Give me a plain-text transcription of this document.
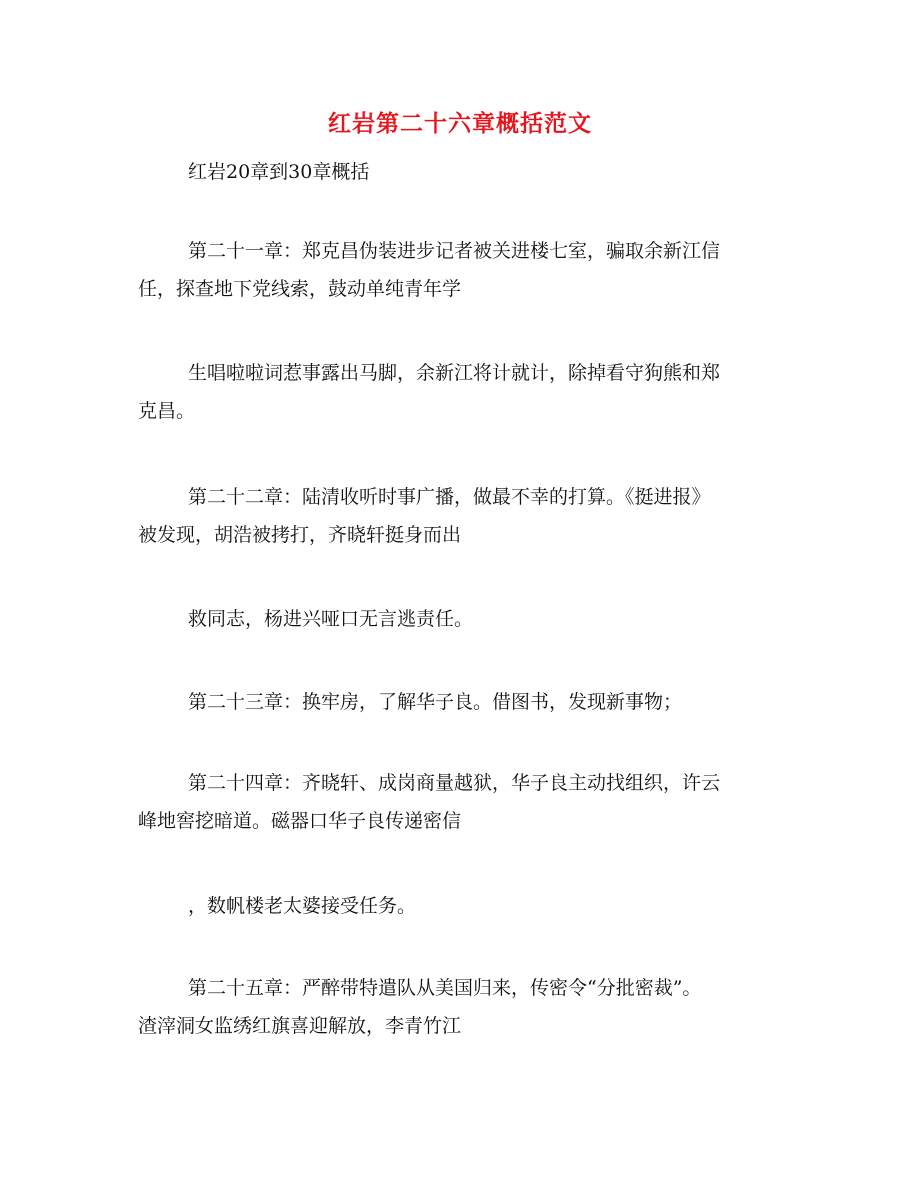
红岩第二十六章概括范文

红岩20章到30章概括

第二十一章：郑克昌伪装进步记者被关进楼七室，骗取余新江信
任，探查地下党线索，鼓动单纯青年学

生唱啦啦词惹事露出马脚，余新江将计就计，除掉看守狗熊和郑
克昌。

第二十二章：陆清收听时事广播，做最不幸的打算。《挺进报》
被发现，胡浩被拷打，齐晓轩挺身而出

救同志，杨进兴哑口无言逃责任。

第二十三章：换牢房，了解华子良。借图书，发现新事物；

第二十四章：齐晓轩、成岗商量越狱，华子良主动找组织，许云
峰地窖挖暗道。磁器口华子良传递密信

，数帆楼老太婆接受任务。

第二十五章：严醉带特遣队从美国归来，传密令“分批密裁”。
渣滓洞女监绣红旗喜迎解放，李青竹江
